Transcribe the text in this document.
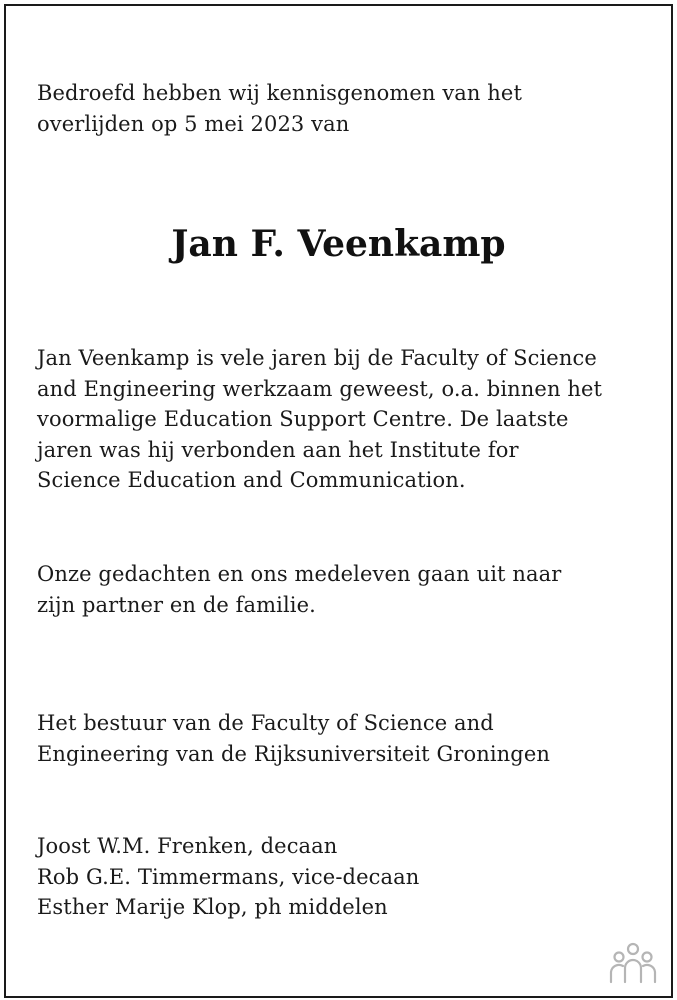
Bedroefd hebben wij kennisgenomen van het
overlijden op 5 mei 2023 van
Jan F. Veenkamp
Jan Veenkamp is vele jaren bij de Faculty of Science
and Engineering werkzaam geweest, o.a. binnen het
voormalige Education Support Centre. De laatste
jaren was hij verbonden aan het Institute for
Science Education and Communication.
Onze gedachten en ons medeleven gaan uit naar
zijn partner en de familie.
Het bestuur van de Faculty of Science and
Engineering van de Rijksuniversiteit Groningen
Joost W.M. Frenken, decaan
Rob G.E. Timmermans, vice-decaan
Esther Marije Klop, ph middelen
